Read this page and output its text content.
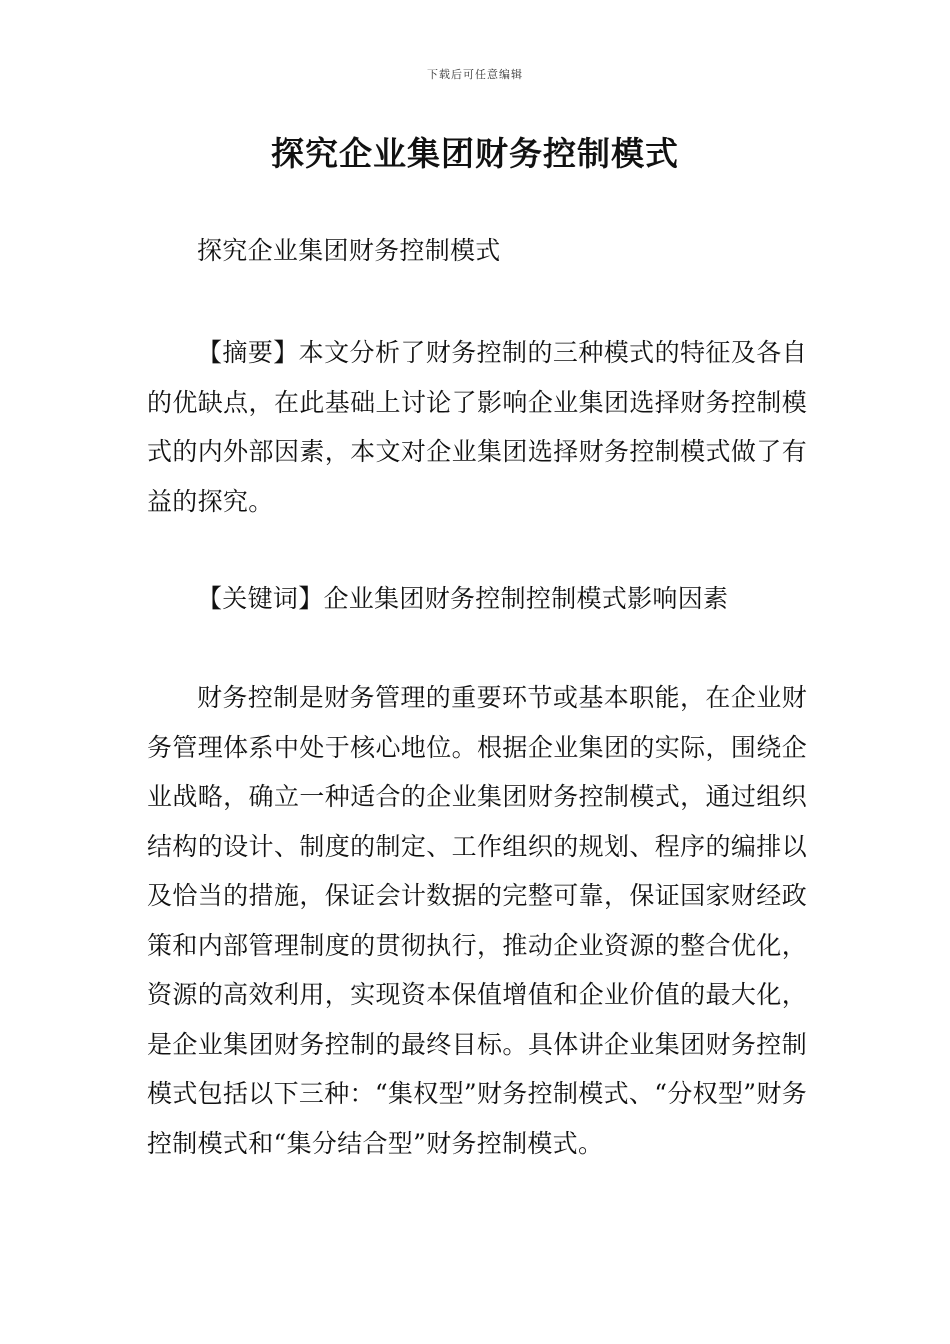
下载后可任意编辑
探究企业集团财务控制模式

探究企业集团财务控制模式

【摘要】本文分析了财务控制的三种模式的特征及各自的优缺点，在此基础上讨论了影响企业集团选择财务控制模式的内外部因素，本文对企业集团选择财务控制模式做了有益的探究。

【关键词】企业集团财务控制控制模式影响因素

财务控制是财务管理的重要环节或基本职能，在企业财务管理体系中处于核心地位。根据企业集团的实际，围绕企业战略，确立一种适合的企业集团财务控制模式，通过组织结构的设计、制度的制定、工作组织的规划、程序的编排以及恰当的措施，保证会计数据的完整可靠，保证国家财经政策和内部管理制度的贯彻执行，推动企业资源的整合优化，资源的高效利用，实现资本保值增值和企业价值的最大化，是企业集团财务控制的最终目标。具体讲企业集团财务控制模式包括以下三种：“集权型”财务控制模式、“分权型”财务控制模式和“集分结合型”财务控制模式。
